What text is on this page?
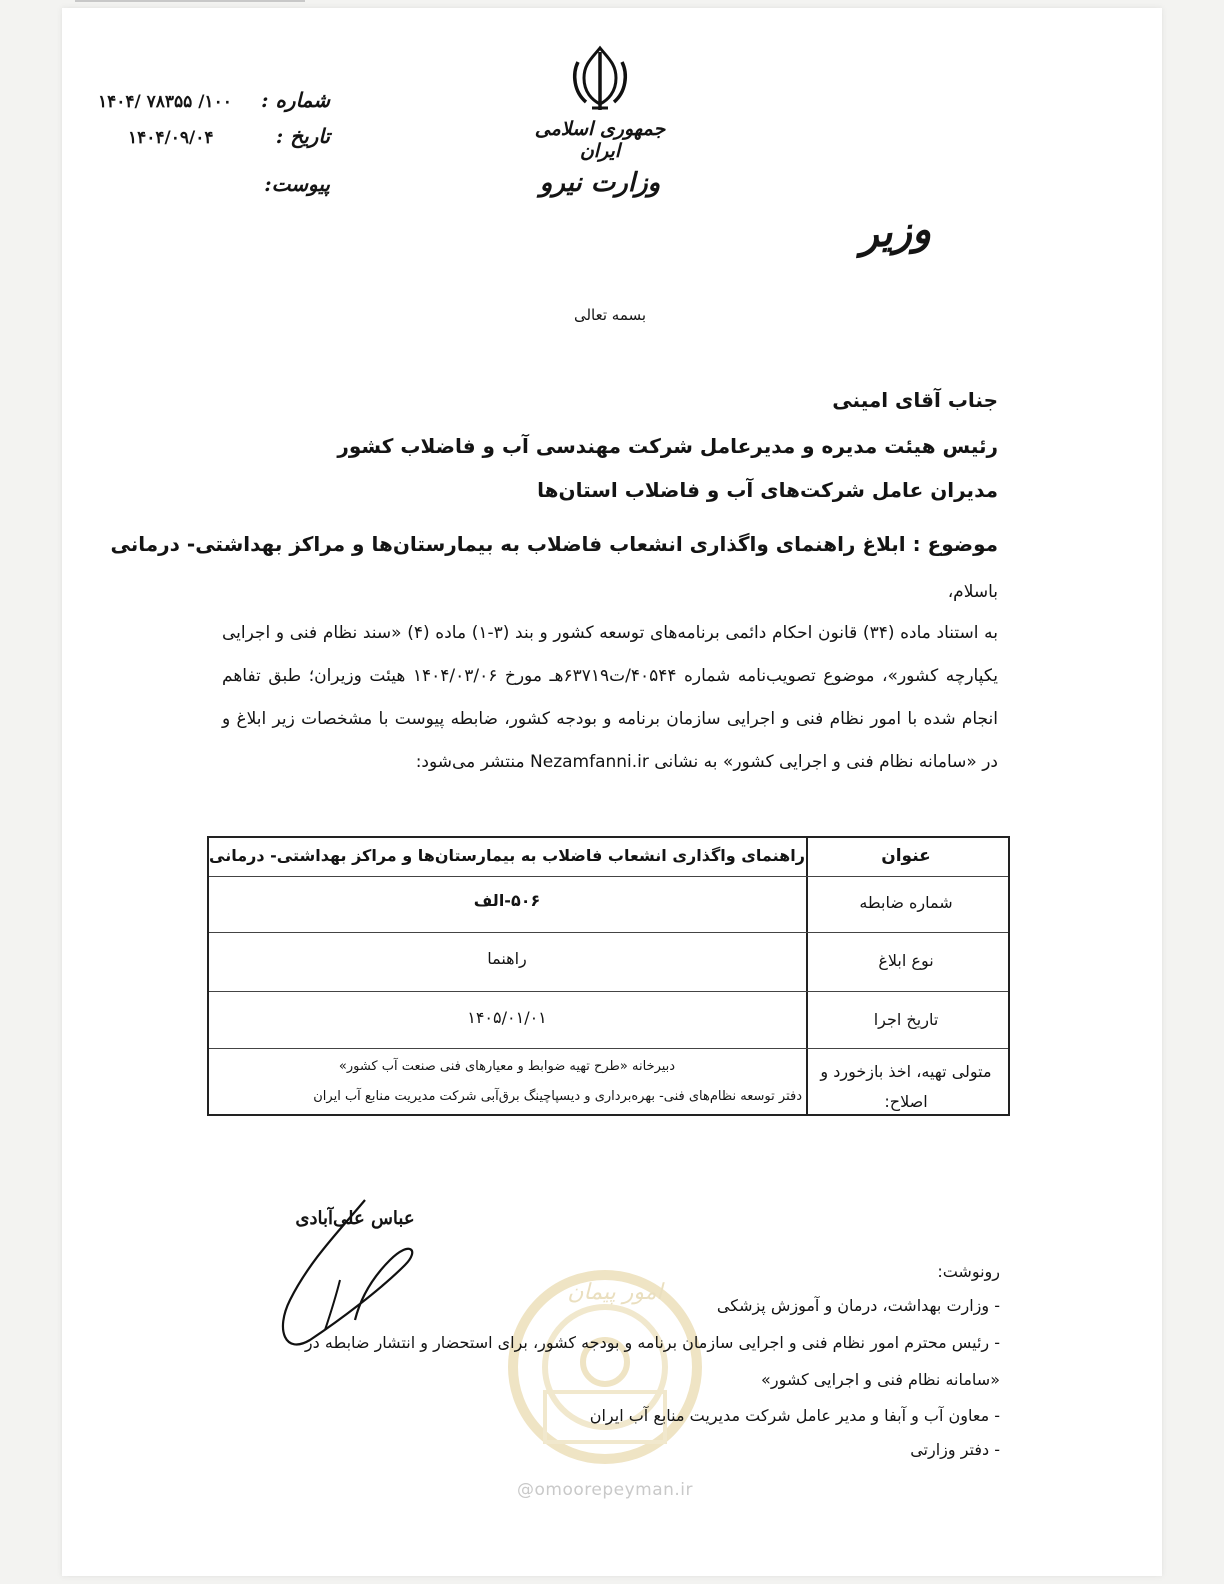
شماره :
۱۴۰۴/ ۷۸۳۵۵ /۱۰۰
تاریخ :
۱۴۰۴/۰۹/۰۴
پیوست:
جمهوری اسلامی ایران
وزارت نیرو
وزیر
بسمه تعالی
جناب آقای امینی
رئیس هیئت مدیره و مدیرعامل شرکت مهندسی آب و فاضلاب کشور
مدیران عامل شرکت‌های آب و فاضلاب استان‌ها
موضوع : ابلاغ راهنمای واگذاری انشعاب فاضلاب به بیمارستان‌ها و مراکز بهداشتی- درمانی
باسلام،
به استناد ماده (۳۴) قانون احکام دائمی برنامه‌های توسعه کشور و بند (۳-۱) ماده (۴) «سند نظام فنی و اجرایی یکپارچه کشور»، موضوع تصویب‌نامه شماره ۴۰۵۴۴/ت۶۳۷۱۹هـ مورخ ۱۴۰۴/۰۳/۰۶ هیئت وزیران؛ طبق تفاهم انجام شده با امور نظام فنی و اجرایی سازمان برنامه و بودجه کشور، ضابطه پیوست با مشخصات زیر ابلاغ و در «سامانه نظام فنی و اجرایی کشور» به نشانی Nezamfanni.ir منتشر می‌شود:
عنوان
راهنمای واگذاری انشعاب فاضلاب به بیمارستان‌ها و مراکز بهداشتی- درمانی
شماره ضابطه
۵۰۶-الف
نوع ابلاغ
راهنما
تاریخ اجرا
۱۴۰۵/۰۱/۰۱
متولی تهیه، اخذ بازخورد و اصلاح:
دبیرخانه «طرح تهیه ضوابط و معیارهای فنی صنعت آب کشور»
دفتر توسعه نظام‌های فنی- بهره‌برداری و دیسپاچینگ برق‌آبی شرکت مدیریت منابع آب ایران
عباس علی‌آبادی
امور پیمان
@omoorepeyman.ir
رونوشت:
- وزارت بهداشت، درمان و آموزش پزشکی
- رئیس محترم امور نظام فنی و اجرایی سازمان برنامه و بودجه کشور، برای استحضار و انتشار ضابطه در
«سامانه نظام فنی و اجرایی کشور»
- معاون آب و آبفا و مدیر عامل شرکت مدیریت منابع آب ایران
- دفتر وزارتی
